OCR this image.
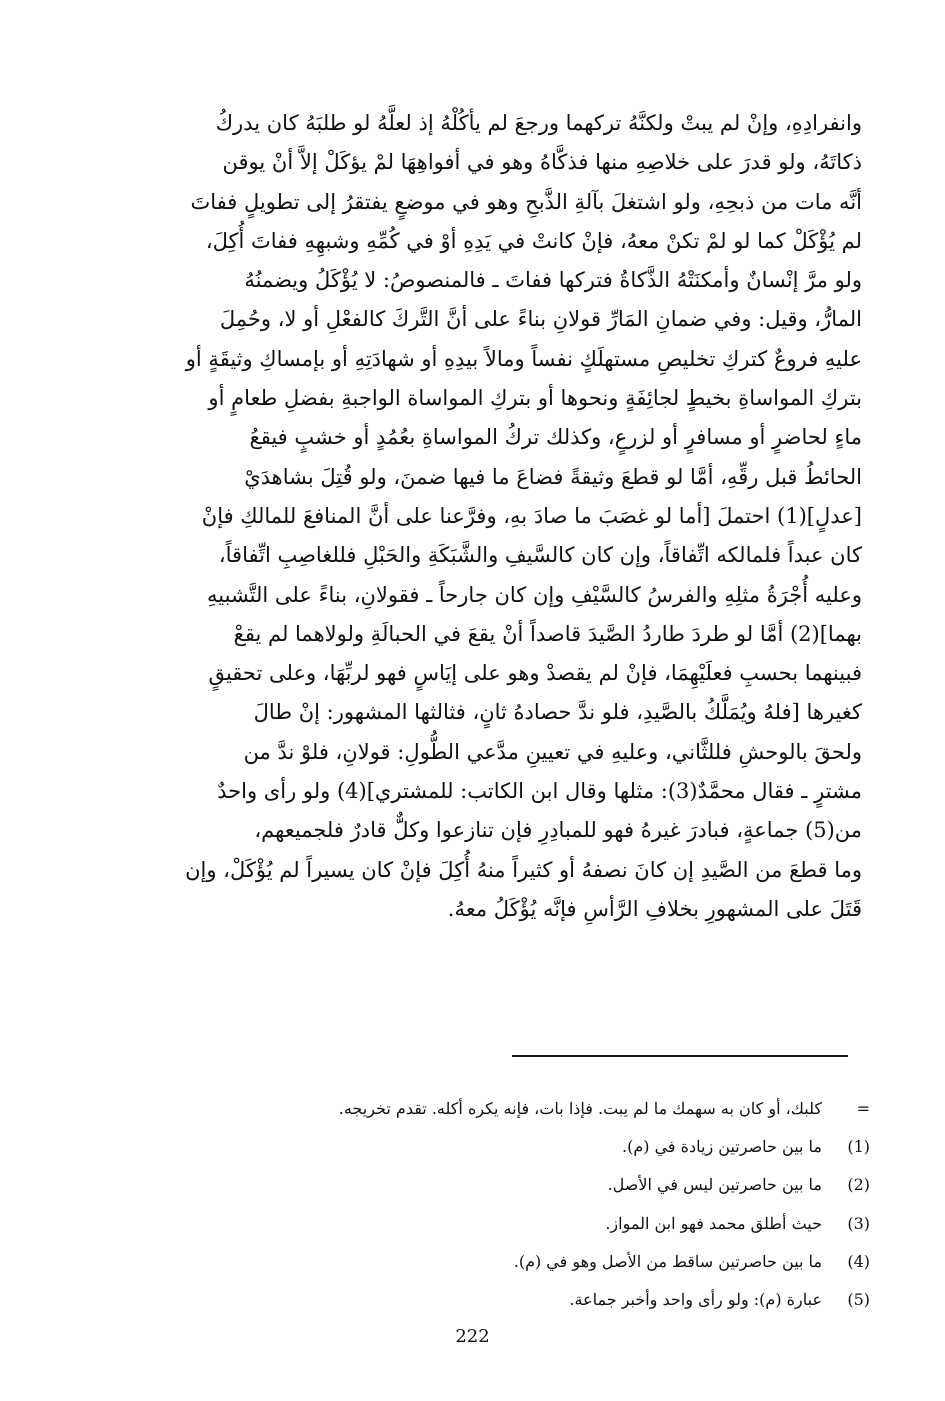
وانفرادِهِ، وإنْ لم يبتْ ولكنَّهُ تركهما ورجعَ لم يأكُلْهُ إذ لعلَّهُ لو طلبَهُ كان يدركُ

ذكاتَهُ، ولو قدرَ على خلاصِهِ منها فذكَّاهُ وهو في أفواهِهَا لمْ يؤكَلْ إلاَّ أنْ يوقن

أنَّه مات من ذبحِهِ، ولو اشتغلَ بآلةِ الذَّبحِ وهو في موضعٍ يفتقرُ إلى تطويلٍ ففاتَ

لم يُؤْكَلْ كما لو لمْ تكنْ معهُ، فإنْ كانتْ في يَدِهِ أوْ في كُمِّهِ وشبهِهِ ففاتَ أُكِلَ،

ولو مرَّ إنْسانٌ وأمكنَتْهُ الذَّكاةُ فتركها ففاتَ ـ فالمنصوصُ: لا يُؤْكَلُ ويضمنُهُ

المارُّ، وقيل: وفي ضمانِ المَارِّ قولانِ بناءً على أنَّ التَّركَ كالفعْلِ أو لا، وحُمِلَ

عليهِ فروعٌ كتركِ تخليصِ مستهلَكٍ نفساً ومالاً بيدِهِ أو شهادَتِهِ أو بإمساكِ وثيقَةٍ أو

بتركِ المواساةِ بخيطٍ لجائِفَةٍ ونحوها أو بتركِ المواساة الواجبةِ بفضلِ طعامٍ أو

ماءٍ لحاضرٍ أو مسافرٍ أو لزرعٍ، وكذلك تركُ المواساةِ بعُمُدٍ أو خشبٍ فيقعُ

الحائطُ قبل رقِّهِ، أمَّا لو قطعَ وثيقةً فضاعَ ما فيها ضمنَ، ولو قُتِلَ بشاهدَيْ

[عدلٍ](1) احتملَ [أما لو غصَبَ ما صادَ بهِ، وفرَّعنا على أنَّ المنافعَ للمالكِ فإنْ

كان عبداً فلمالكه اتِّفاقاً، وإن كان كالسَّيفِ والشَّبَكَةِ والحَبْلِ فللغاصِبِ اتِّفاقاً،

وعليه أُجْرَةُ مثلِهِ والفرسُ كالسَّيْفِ وإن كان جارحاً ـ فقولانِ، بناءً على التَّشبيهِ

بهما](2) أمَّا لو طردَ طاردُ الصَّيدَ قاصداً أنْ يقعَ في الحبالَةِ ولولاهما لم يقعْ

فبينهما بحسبِ فعلَيْهِمَا، فإنْ لم يقصدْ وهو على إيَاسٍ فهو لربِّهَا، وعلى تحقيقٍ

كغيرها [فلهُ ويُمَلَّكُ بالصَّيدِ، فلو ندَّ حصادهُ ثانٍ، فثالثها المشهور: إنْ طالَ

ولحقَ بالوحشِ فللثَّاني، وعليهِ في تعيينِ مدَّعي الطُّولِ: قولانِ، فلوْ ندَّ من

مشترٍ ـ فقال محمَّدٌ(3): مثلها وقال ابن الكاتب: للمشتري](4) ولو رأى واحدٌ

من(5) جماعةٍ، فبادرَ غيرهُ فهو للمبادِرِ فإن تنازعوا وكلٌّ قادرٌ فلجميعهم،

وما قطعَ من الصَّيدِ إن كانَ نصفهُ أو كثيراً منهُ أُكِلَ فإنْ كان يسيراً لم يُؤْكَلْ، وإن

قَتَلَ على المشهورِ بخلافِ الرَّأسِ فإنَّه يُؤْكَلُ معهُ.

=
كلبك، أو كان به سهمك ما لم يبت. فإذا بات، فإنه يكره أكله. تقدم تخريجه.
(1)
ما بين حاصرتين زيادة في (م).
(2)
ما بين حاصرتين ليس في الأصل.
(3)
حيث أطلق محمد فهو ابن المواز.
(4)
ما بين حاصرتين ساقط من الأصل وهو في (م).
(5)
عبارة (م): ولو رأى واحد وأخبر جماعة.
222
